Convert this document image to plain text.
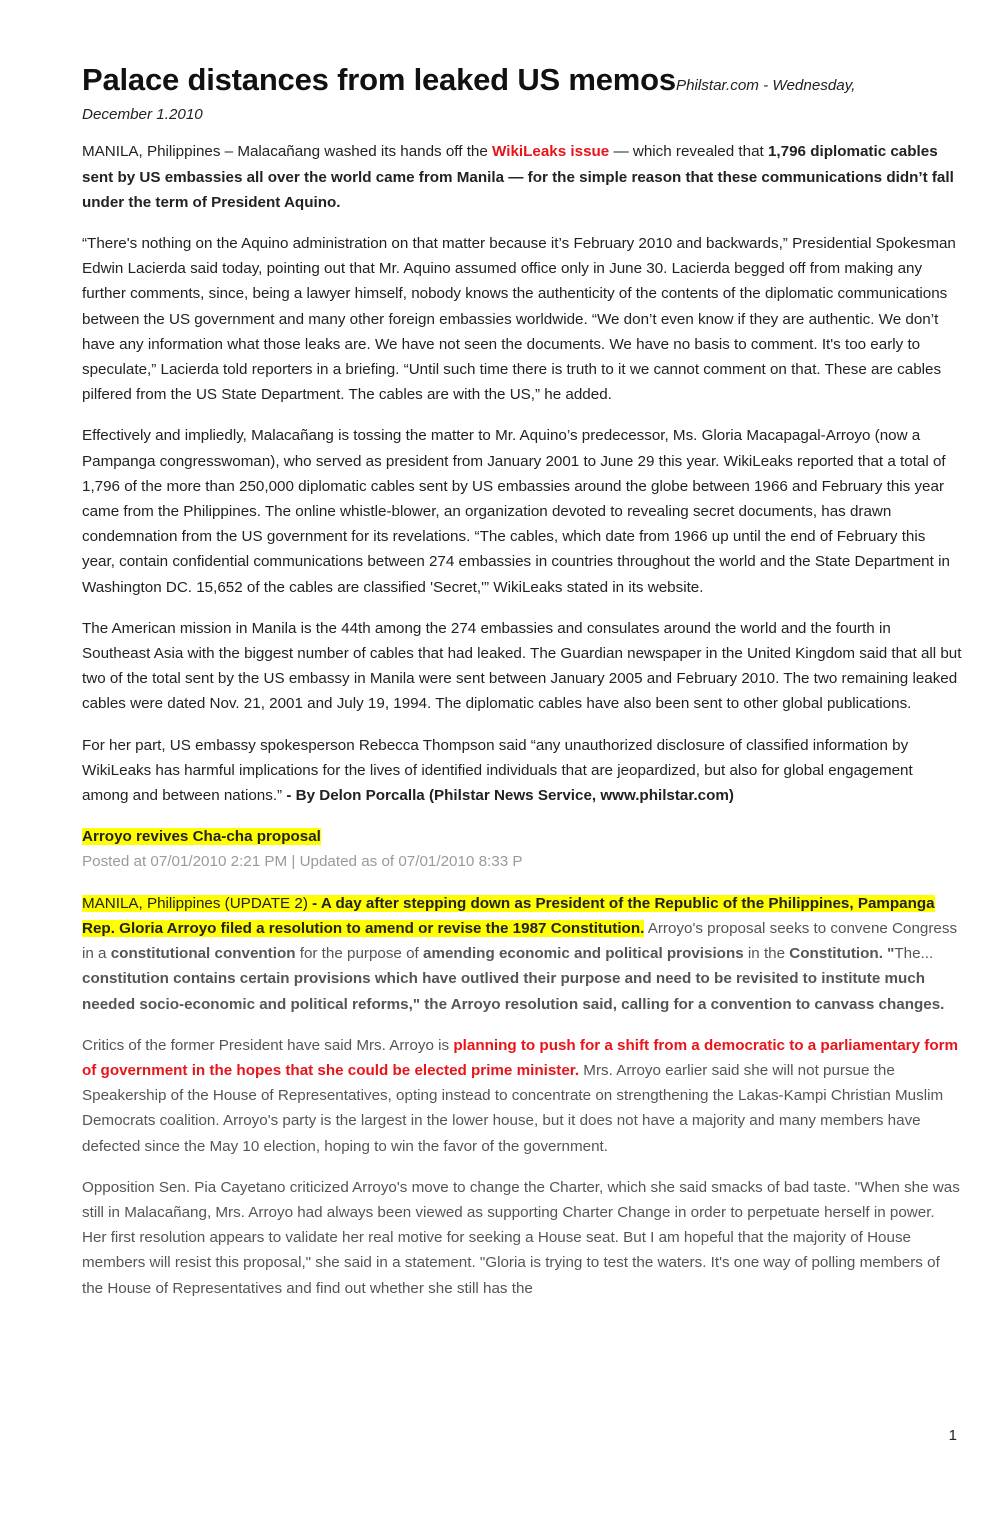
Palace distances from leaked US memosPhilstar.com - Wednesday,
December 1.2010

MANILA, Philippines – Malacañang washed its hands off the WikiLeaks issue — which revealed that 1,796 diplomatic cables sent by US embassies all over the world came from Manila — for the simple reason that these communications didn’t fall under the term of President Aquino.

“There's nothing on the Aquino administration on that matter because it’s February 2010 and backwards,” Presidential Spokesman Edwin Lacierda said today, pointing out that Mr. Aquino assumed office only in June 30. Lacierda begged off from making any further comments, since, being a lawyer himself, nobody knows the authenticity of the contents of the diplomatic communications between the US government and many other foreign embassies worldwide. “We don’t even know if they are authentic. We don’t have any information what those leaks are. We have not seen the documents. We have no basis to comment. It's too early to speculate,” Lacierda told reporters in a briefing. “Until such time there is truth to it we cannot comment on that. These are cables pilfered from the US State Department. The cables are with the US,” he added.

Effectively and impliedly, Malacañang is tossing the matter to Mr. Aquino’s predecessor, Ms. Gloria Macapagal-Arroyo (now a Pampanga congresswoman), who served as president from January 2001 to June 29 this year. WikiLeaks reported that a total of 1,796 of the more than 250,000 diplomatic cables sent by US embassies around the globe between 1966 and February this year came from the Philippines. The online whistle-blower, an organization devoted to revealing secret documents, has drawn condemnation from the US government for its revelations. “The cables, which date from 1966 up until the end of February this year, contain confidential communications between 274 embassies in countries throughout the world and the State Department in Washington DC. 15,652 of the cables are classified 'Secret,'” WikiLeaks stated in its website.

The American mission in Manila is the 44th among the 274 embassies and consulates around the world and the fourth in Southeast Asia with the biggest number of cables that had leaked. The Guardian newspaper in the United Kingdom said that all but two of the total sent by the US embassy in Manila were sent between January 2005 and February 2010. The two remaining leaked cables were dated Nov. 21, 2001 and July 19, 1994. The diplomatic cables have also been sent to other global publications.

For her part, US embassy spokesperson Rebecca Thompson said “any unauthorized disclosure of classified information by WikiLeaks has harmful implications for the lives of identified individuals that are jeopardized, but also for global engagement among and between nations.” - By Delon Porcalla (Philstar News Service, www.philstar.com)

Arroyo revives Cha-cha proposal

Posted at 07/01/2010 2:21 PM | Updated as of 07/01/2010 8:33 P

MANILA, Philippines (UPDATE 2) - A day after stepping down as President of the Republic of the Philippines, Pampanga Rep. Gloria Arroyo filed a resolution to amend or revise the 1987 Constitution. Arroyo's proposal seeks to convene Congress in a constitutional convention for the purpose of amending economic and political provisions in the Constitution. "The... constitution contains certain provisions which have outlived their purpose and need to be revisited to institute much needed socio-economic and political reforms," the Arroyo resolution said, calling for a convention to canvass changes.

Critics of the former President have said Mrs. Arroyo is planning to push for a shift from a democratic to a parliamentary form of government in the hopes that she could be elected prime minister. Mrs. Arroyo earlier said she will not pursue the Speakership of the House of Representatives, opting instead to concentrate on strengthening the Lakas-Kampi Christian Muslim Democrats coalition. Arroyo's party is the largest in the lower house, but it does not have a majority and many members have defected since the May 10 election, hoping to win the favor of the government.

Opposition Sen. Pia Cayetano criticized Arroyo's move to change the Charter, which she said smacks of bad taste. "When she was still in Malacañang, Mrs. Arroyo had always been viewed as supporting Charter Change in order to perpetuate herself in power. Her first resolution appears to validate her real motive for seeking a House seat. But I am hopeful that the majority of House members will resist this proposal," she said in a statement. "Gloria is trying to test the waters. It's one way of polling members of the House of Representatives and find out whether she still has the

1
